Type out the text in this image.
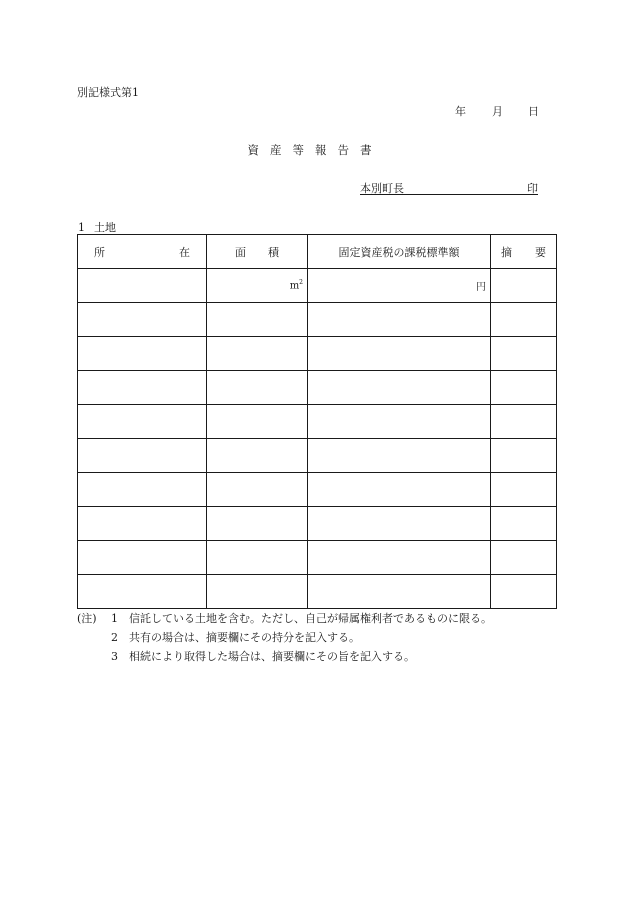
別記様式第1
年 月 日
資産等報告書
本別町長	印
1 土地
所 在	面 積	固定資産税の課税標準額	摘 要

	$m^2$	円	

(注)	1	信託している土地を含む。ただし、自己が帰属権利者であるものに限る。
2	共有の場合は、摘要欄にその持分を記入する。
3	相続により取得した場合は、摘要欄にその旨を記入する。
